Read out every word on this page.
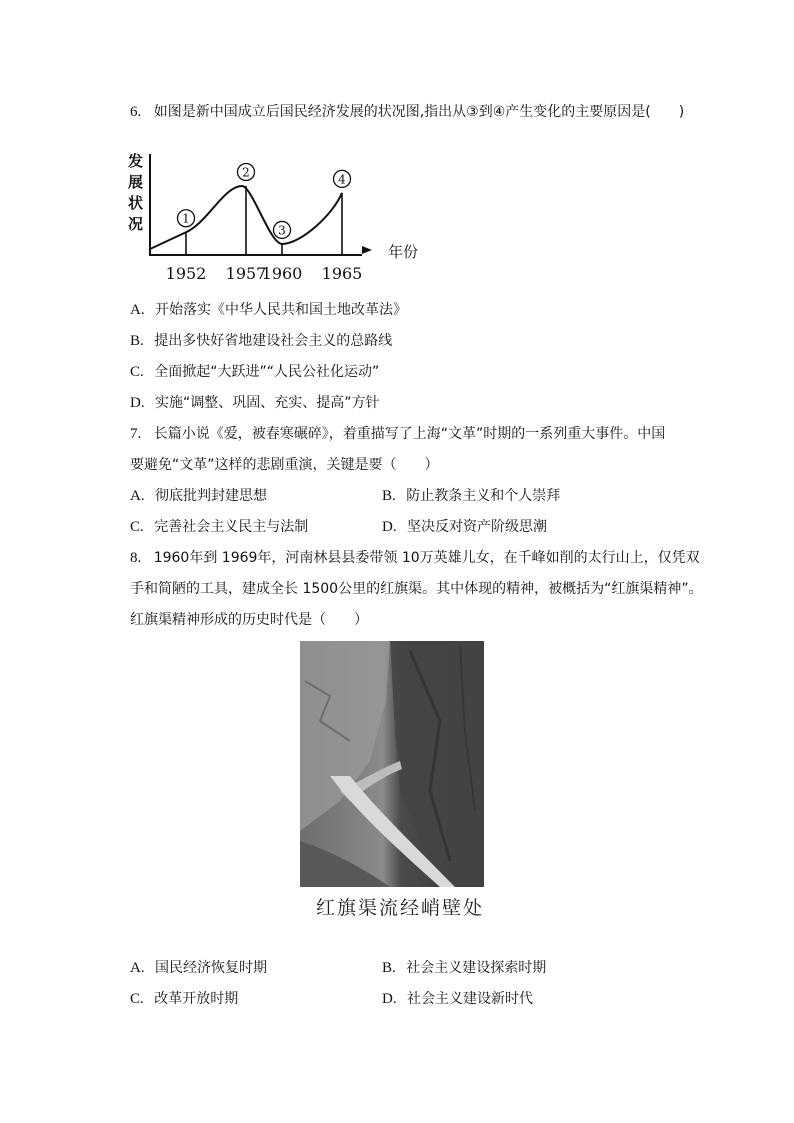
6. 如图是新中国成立后国民经济发展的状况图,指出从③到④产生变化的主要原因是(　　)
发
展
状
况
年份
1
2
3
4
1952 1957
1960 1965
A. 开始落实《中华人民共和国土地改革法》
B. 提出多快好省地建设社会主义的总路线
C. 全面掀起“大跃进”“人民公社化运动”
D. 实施“调整、巩固、充实、提高”方针
7. 长篇小说《爱，被春寒碾碎》，着重描写了上海“文革”时期的一系列重大事件。中国
要避免“文革”这样的悲剧重演，关键是要（　　）
A. 彻底批判封建思想	B. 防止教条主义和个人崇拜
C. 完善社会主义民主与法制	D. 坚决反对资产阶级思潮
8. 1960年到 1969年，河南林县县委带领 10万英雄儿女，在千峰如削的太行山上，仅凭双
手和简陋的工具，建成全长 1500公里的红旗渠。其中体现的精神，被概括为“红旗渠精神”。
红旗渠精神形成的历史时代是（　　）
红旗渠流经峭壁处
A. 国民经济恢复时期	B. 社会主义建设探索时期
C. 改革开放时期	D. 社会主义建设新时代
